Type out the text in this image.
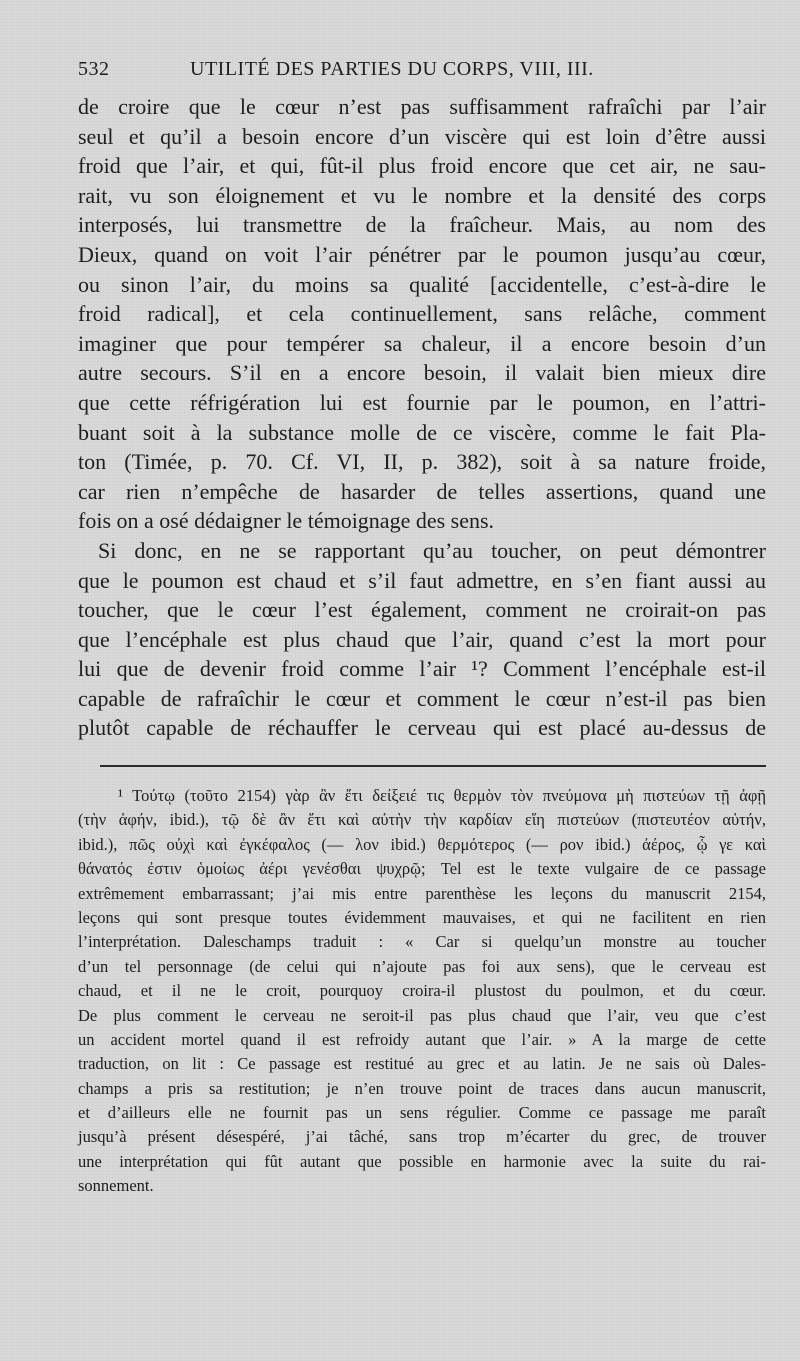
532	UTILITÉ DES PARTIES DU CORPS, VIII, III.
de croire que le cœur n’est pas suffisamment rafraîchi par l’air
seul et qu’il a besoin encore d’un viscère qui est loin d’être aussi
froid que l’air, et qui, fût-il plus froid encore que cet air, ne sau-
rait, vu son éloignement et vu le nombre et la densité des corps
interposés, lui transmettre de la fraîcheur. Mais, au nom des
Dieux, quand on voit l’air pénétrer par le poumon jusqu’au cœur,
ou sinon l’air, du moins sa qualité [accidentelle, c’est-à-dire le
froid radical], et cela continuellement, sans relâche, comment
imaginer que pour tempérer sa chaleur, il a encore besoin d’un
autre secours. S’il en a encore besoin, il valait bien mieux dire
que cette réfrigération lui est fournie par le poumon, en l’attri-
buant soit à la substance molle de ce viscère, comme le fait Pla-
ton (Timée, p. 70. Cf. VI, II, p. 382), soit à sa nature froide,
car rien n’empêche de hasarder de telles assertions, quand une
fois on a osé dédaigner le témoignage des sens.
Si donc, en ne se rapportant qu’au toucher, on peut démontrer
que le poumon est chaud et s’il faut admettre, en s’en fiant aussi au
toucher, que le cœur l’est également, comment ne croirait-on pas
que l’encéphale est plus chaud que l’air, quand c’est la mort pour
lui que de devenir froid comme l’air ¹? Comment l’encéphale est-il
capable de rafraîchir le cœur et comment le cœur n’est-il pas bien
plutôt capable de réchauffer le cerveau qui est placé au-dessus de
¹ Τούτῳ (τοῦτο 2154) γὰρ ἂν ἔτι δείξειέ τις θερμὸν τὸν πνεύμονα μὴ πιστεύων τῇ ἀφῇ
(τὴν ἀφήν, ibid.), τῷ δὲ ἂν ἔτι καὶ αὐτὴν τὴν καρδίαν εἴη πιστεύων (πιστευτέον αὐτήν,
ibid.), πῶς οὐχὶ καὶ ἐγκέφαλος (— λον ibid.) θερμότερος (— ρον ibid.) ἀέρος, ᾧ γε καὶ
θάνατός ἐστιν ὁμοίως ἀέρι γενέσθαι ψυχρῷ; Tel est le texte vulgaire de ce passage
extrêmement embarrassant; j’ai mis entre parenthèse les leçons du manuscrit 2154,
leçons qui sont presque toutes évidemment mauvaises, et qui ne facilitent en rien
l’interprétation. Daleschamps traduit : « Car si quelqu’un monstre au toucher
d’un tel personnage (de celui qui n’ajoute pas foi aux sens), que le cerveau est
chaud, et il ne le croit, pourquoy croira-il plustost du poulmon, et du cœur.
De plus comment le cerveau ne seroit-il pas plus chaud que l’air, veu que c’est
un accident mortel quand il est refroidy autant que l’air. » A la marge de cette
traduction, on lit : Ce passage est restitué au grec et au latin. Je ne sais où Dales-
champs a pris sa restitution; je n’en trouve point de traces dans aucun manuscrit,
et d’ailleurs elle ne fournit pas un sens régulier. Comme ce passage me paraît
jusqu’à présent désespéré, j’ai tâché, sans trop m’écarter du grec, de trouver
une interprétation qui fût autant que possible en harmonie avec la suite du rai-
sonnement.
